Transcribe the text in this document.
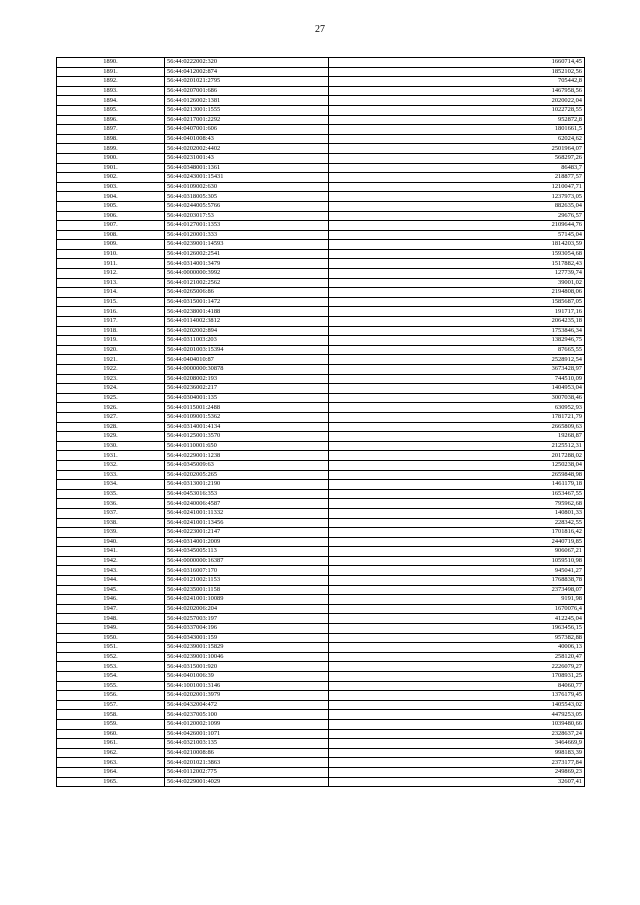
27
1890.	56:44:0222002:320	1660714,45
1891.	56:44:0412002:874	1852102,56
1892.	56:44:0201021:2795	705442,8
1893.	56:44:0207001:686	1467958,56
1894.	56:44:0126002:1381	2020022,04
1895.	56:44:0213001:1555	1022728,55
1896.	56:44:0217001:2292	952872,8
1897.	56:44:0407001:606	1801661,5
1898.	56:44:0401008:43	62024,62
1899.	56:44:0202002:4402	2501964,07
1900.	56:44:0231001:43	568297,26
1901.	56:44:0348001:1361	86483,7
1902.	56:44:0243001:15431	218877,57
1903.	56:44:0109002:630	1210047,71
1904.	56:44:0318005:305	1237973,05
1905.	56:44:0244005:5766	882635,04
1906.	56:44:0203017:53	29676,57
1907.	56:44:0127001:1353	2109644,76
1908.	56:44:0120001:333	57145,04
1909.	56:44:0239001:14593	1814203,59
1910.	56:44:0126002:2541	1593054,68
1911.	56:44:0314001:3479	1517882,43
1912.	56:44:0000000:3992	127739,74
1913.	56:44:0121002:2562	39001,02
1914.	56:44:0265006:86	2194808,06
1915.	56:44:0315001:1472	1585687,05
1916.	56:44:0238001:4188	191717,16
1917.	56:44:0114002:3812	2064235,18
1918.	56:44:0202002:894	1753846,34
1919.	56:44:0311003:203	1382946,75
1920.	56:44:0201003:15394	87665,55
1921.	56:44:0404010:87	2528912,54
1922.	56:44:0000000:30878	3673428,97
1923.	56:44:0208002:193	744510,09
1924.	56:44:0236002:217	1404953,04
1925.	56:44:0304001:135	3007038,46
1926.	56:44:0115001:2488	630952,93
1927.	56:44:0109001:5362	1781721,79
1928.	56:44:0314001:4134	2665809,63
1929.	56:44:0125001:3570	19268,87
1930.	56:44:0110001:650	2125512,31
1931.	56:44:0229001:1238	2017288,02
1932.	56:44:0345009:63	1250238,04
1933.	56:44:0202005:265	2659848,98
1934.	56:44:0313001:2190	1461179,18
1935.	56:44:0453016:353	1653467,55
1936.	56:44:0240006:4587	795962,68
1937.	56:44:0241001:11332	140801,33
1938.	56:44:0241001:13456	228342,55
1939.	56:44:0223001:2147	1701816,42
1940.	56:44:0314001:2009	2440719,85
1941.	56:44:0345005:113	906067,21
1942.	56:44:0000000:16387	1059510,98
1943.	56:44:0316007:170	945041,27
1944.	56:44:0121002:1153	1768838,78
1945.	56:44:0235001:1158	2373498,07
1946.	56:44:0241001:10089	9191,98
1947.	56:44:0202006:204	1670076,4
1948.	56:44:0257003:197	412245,04
1949.	56:44:0337004:196	1963456,15
1950.	56:44:0343001:159	957382,88
1951.	56:44:0239001:15829	40006,13
1952.	56:44:0239001:10046	258120,47
1953.	56:44:0315001:920	2226079,27
1954.	56:44:0401006:39	1708931,25
1955.	56:44:1001001:3146	84060,77
1956.	56:44:0202001:3979	1376179,45
1957.	56:44:0432004:472	1405543,02
1958.	56:44:0237005:100	4479253,05
1959.	56:44:0120002:1099	1039480,66
1960.	56:44:0426001:1071	2328637,24
1961.	56:44:0321003:135	3464669,9
1962.	56:44:0210008:86	998183,39
1963.	56:44:0201021:3863	2373177,84
1964.	56:44:0112002:775	249869,23
1965.	56:44:0229001:4029	32607,41
